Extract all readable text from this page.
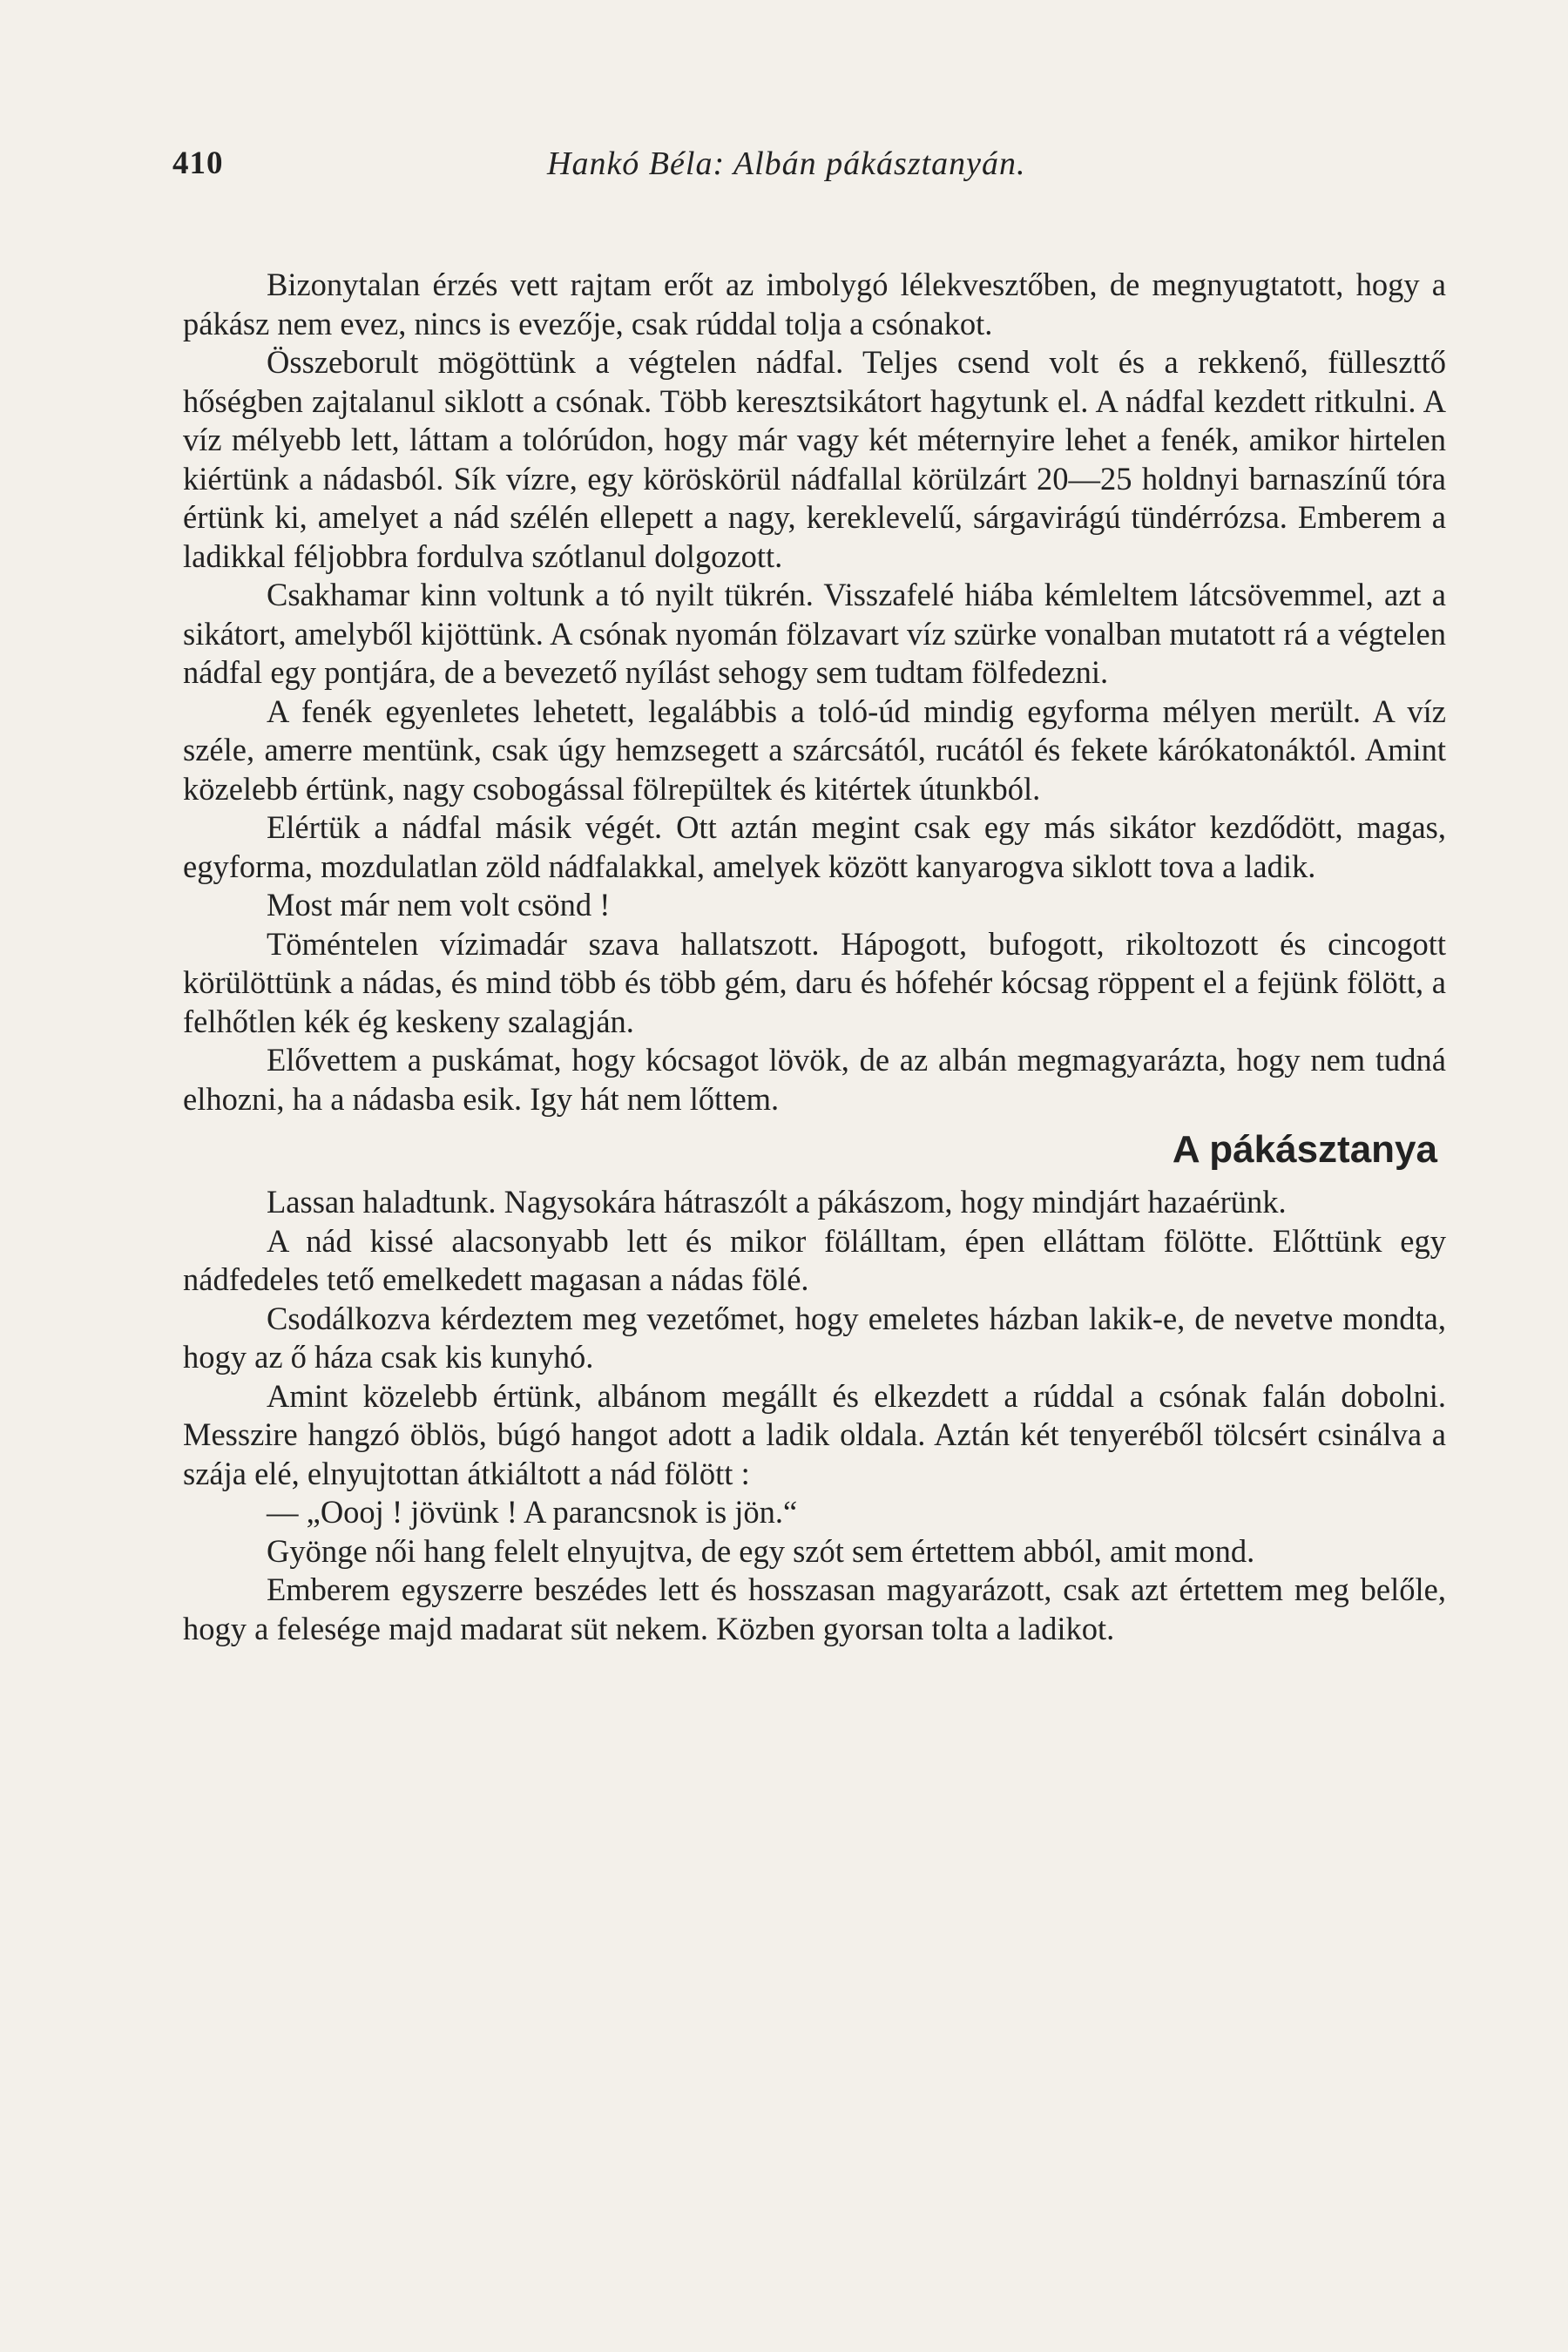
410	Hankó Béla: Albán pákásztanyán.

Bizonytalan érzés vett rajtam erőt az imbolygó lélekvesztőben, de megnyugtatott, hogy a pákász nem evez, nincs is evezője, csak rúddal tolja a csónakot.

Összeborult mögöttünk a végtelen nádfal. Teljes csend volt és a rekkenő, fülleszttő hőségben zajtalanul siklott a csónak. Több keresztsikátort hagytunk el. A nádfal kezdett ritkulni. A víz mélyebb lett, láttam a tolórúdon, hogy már vagy két méternyire lehet a fenék, amikor hirtelen kiértünk a nádasból. Sík vízre, egy köröskörül nádfallal körülzárt 20—25 holdnyi barnaszínű tóra értünk ki, amelyet a nád szélén ellepett a nagy, kereklevelű, sárgavirágú tündérrózsa. Emberem a ladikkal féljobbra fordulva szótlanul dolgozott.

Csakhamar kinn voltunk a tó nyilt tükrén. Visszafelé hiába kémleltem látcsövemmel, azt a sikátort, amelyből kijöttünk. A csónak nyomán fölzavart víz szürke vonalban mutatott rá a végtelen nádfal egy pontjára, de a bevezető nyílást sehogy sem tudtam fölfedezni.

A fenék egyenletes lehetett, legalábbis a toló-úd mindig egyforma mélyen merült. A víz széle, amerre mentünk, csak úgy hemzsegett a szárcsától, rucától és fekete kárókatonáktól. Amint közelebb értünk, nagy csobogással fölrepültek és kitértek útunkból.

Elértük a nádfal másik végét. Ott aztán megint csak egy más sikátor kezdődött, magas, egyforma, mozdulatlan zöld nádfalakkal, amelyek között kanyarogva siklott tova a ladik.

Most már nem volt csönd !

Töméntelen vízimadár szava hallatszott. Hápogott, bufogott, rikoltozott és cincogott körülöttünk a nádas, és mind több és több gém, daru és hófehér kócsag röppent el a fejünk fölött, a felhőtlen kék ég keskeny szalagján.

Elővettem a puskámat, hogy kócsagot lövök, de az albán megmagyarázta, hogy nem tudná elhozni, ha a nádasba esik. Igy hát nem lőttem.

A pákásztanya

Lassan haladtunk. Nagysokára hátraszólt a pákászom, hogy mindjárt hazaérünk.

A nád kissé alacsonyabb lett és mikor fölálltam, épen elláttam fölötte. Előttünk egy nádfedeles tető emelkedett magasan a nádas fölé.

Csodálkozva kérdeztem meg vezetőmet, hogy emeletes házban lakik-e, de nevetve mondta, hogy az ő háza csak kis kunyhó.

Amint közelebb értünk, albánom megállt és elkezdett a rúddal a csónak falán dobolni. Messzire hangzó öblös, búgó hangot adott a ladik oldala. Aztán két tenyeréből tölcsért csinálva a szája elé, elnyujtottan átkiáltott a nád fölött :

— „Oooj ! jövünk ! A parancsnok is jön.“

Gyönge női hang felelt elnyujtva, de egy szót sem értettem abból, amit mond.

Emberem egyszerre beszédes lett és hosszasan magyarázott, csak azt értettem meg belőle, hogy a felesége majd madarat süt nekem. Közben gyorsan tolta a ladikot.
